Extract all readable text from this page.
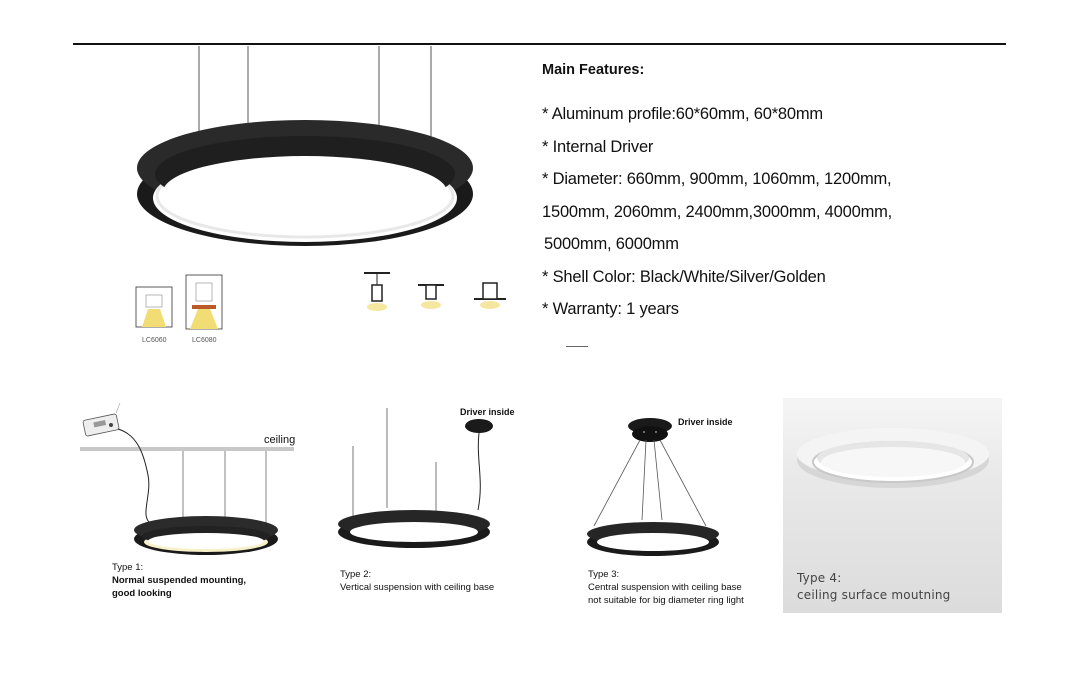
LC6060	LC6080
Main Features:
* Aluminum profile:60*60mm, 60*80mm
* Internal Driver
* Diameter: 660mm, 900mm, 1060mm, 1200mm,
1500mm, 2060mm, 2400mm,3000mm, 4000mm,
5000mm, 6000mm
* Shell Color: Black/White/Silver/Golden
* Warranty: 1 years
ceiling
Type 1:
Normal suspended mounting,
good looking
Driver inside
Type 2:
Vertical suspension with ceiling base
Driver inside
Type 3:
Central suspension with ceiling base
not suitable for big diameter ring light
Type 4:
ceiling surface moutning
